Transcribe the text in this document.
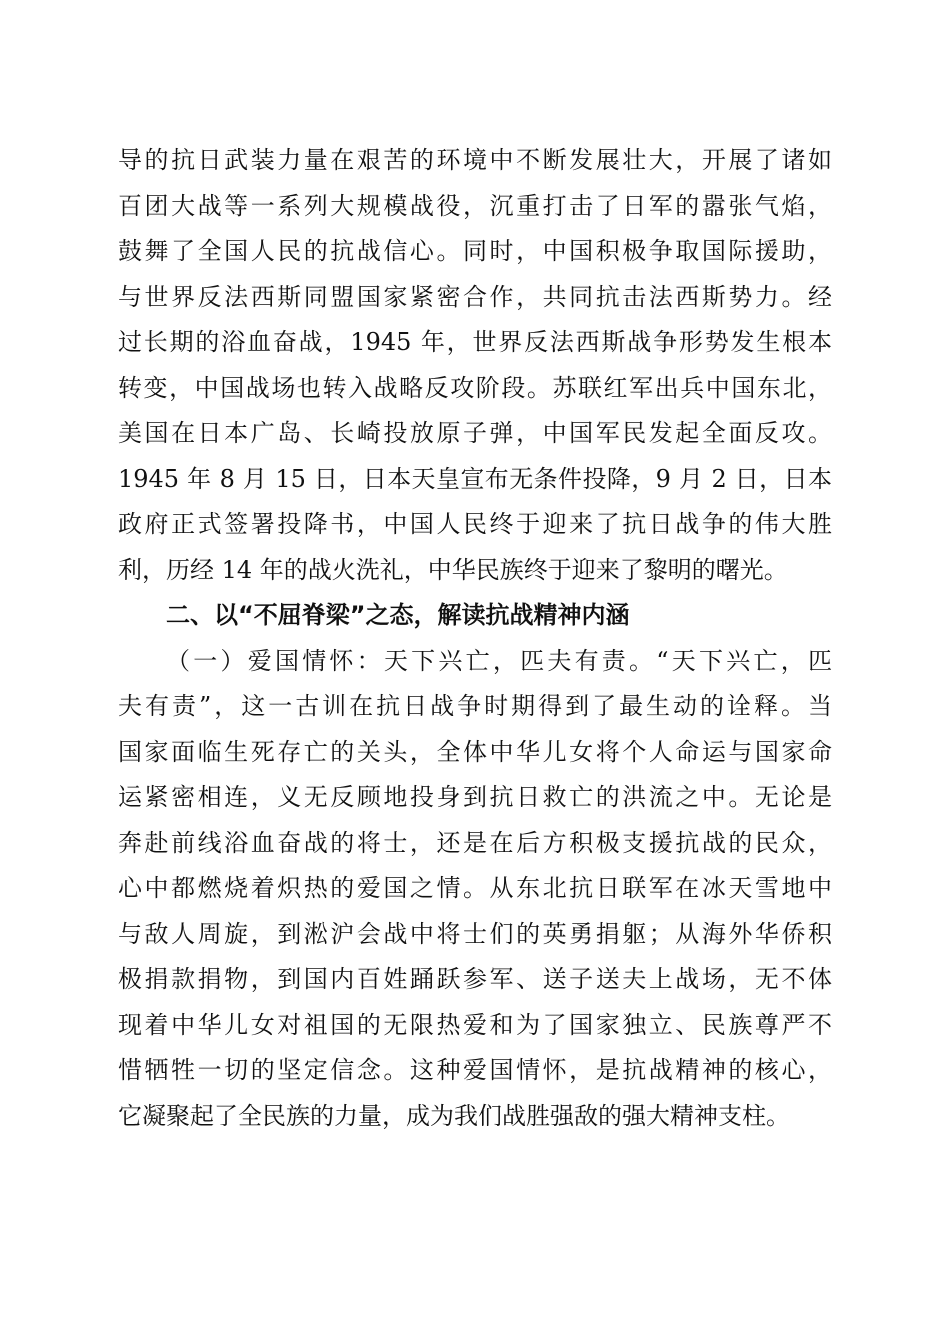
导的抗日武装力量在艰苦的环境中不断发展壮大，开展了诸如
百团大战等一系列大规模战役，沉重打击了日军的嚣张气焰，
鼓舞了全国人民的抗战信心。同时，中国积极争取国际援助，
与世界反法西斯同盟国家紧密合作，共同抗击法西斯势力。经
过长期的浴血奋战，1945 年，世界反法西斯战争形势发生根本
转变，中国战场也转入战略反攻阶段。苏联红军出兵中国东北，
美国在日本广岛、长崎投放原子弹，中国军民发起全面反攻。
1945 年 8 月 15 日，日本天皇宣布无条件投降，9 月 2 日，日本
政府正式签署投降书，中国人民终于迎来了抗日战争的伟大胜
利，历经 14 年的战火洗礼，中华民族终于迎来了黎明的曙光。
二、以“不屈脊梁”之态，解读抗战精神内涵
（一）爱国情怀：天下兴亡，匹夫有责。“天下兴亡，匹
夫有责”，这一古训在抗日战争时期得到了最生动的诠释。当
国家面临生死存亡的关头，全体中华儿女将个人命运与国家命
运紧密相连，义无反顾地投身到抗日救亡的洪流之中。无论是
奔赴前线浴血奋战的将士，还是在后方积极支援抗战的民众，
心中都燃烧着炽热的爱国之情。从东北抗日联军在冰天雪地中
与敌人周旋，到淞沪会战中将士们的英勇捐躯；从海外华侨积
极捐款捐物，到国内百姓踊跃参军、送子送夫上战场，无不体
现着中华儿女对祖国的无限热爱和为了国家独立、民族尊严不
惜牺牲一切的坚定信念。这种爱国情怀，是抗战精神的核心，
它凝聚起了全民族的力量，成为我们战胜强敌的强大精神支柱。
